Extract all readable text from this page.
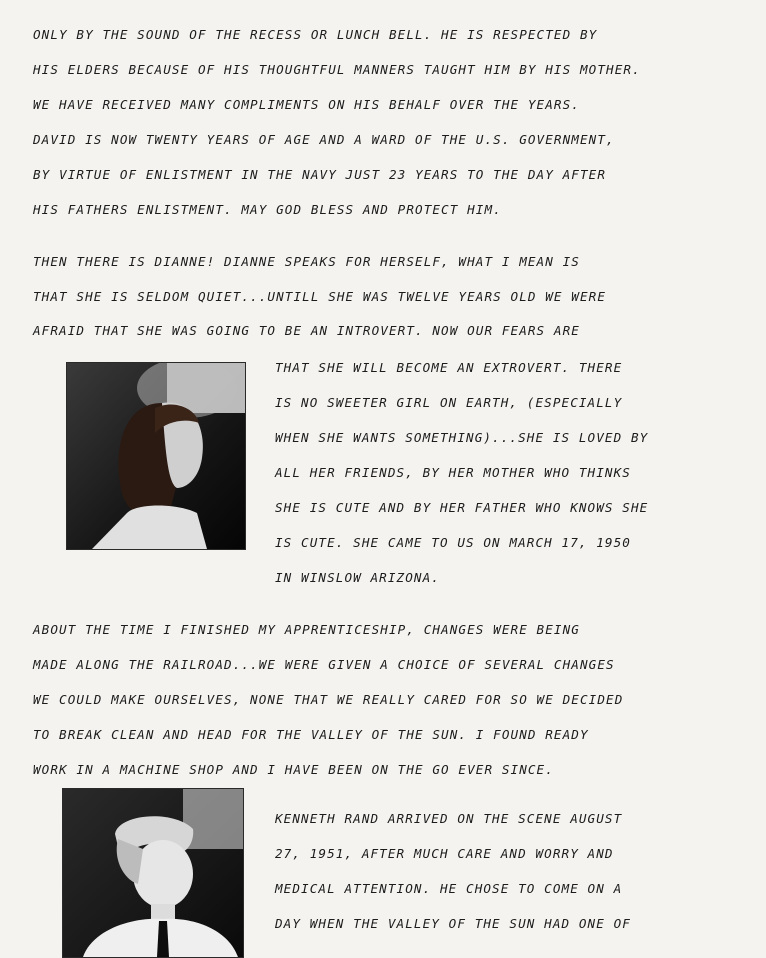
ONLY BY THE SOUND OF THE RECESS OR LUNCH BELL. HE IS RESPECTED BY
HIS ELDERS BECAUSE OF HIS THOUGHTFUL MANNERS TAUGHT HIM BY HIS MOTHER.
WE HAVE RECEIVED MANY COMPLIMENTS ON HIS BEHALF OVER THE YEARS.
DAVID IS NOW TWENTY YEARS OF AGE AND A WARD OF THE U.S. GOVERNMENT,
BY VIRTUE OF ENLISTMENT IN THE NAVY JUST 23 YEARS TO THE DAY AFTER
HIS FATHERS ENLISTMENT. MAY GOD BLESS AND PROTECT HIM.
THEN THERE IS DIANNE! DIANNE SPEAKS FOR HERSELF, WHAT I MEAN IS
THAT SHE IS SELDOM QUIET...UNTILL SHE WAS TWELVE YEARS OLD WE WERE
AFRAID THAT SHE WAS GOING TO BE AN INTROVERT. NOW OUR FEARS ARE
THAT SHE WILL BECOME AN EXTROVERT. THERE
IS NO SWEETER GIRL ON EARTH, (ESPECIALLY
WHEN SHE WANTS SOMETHING)...SHE IS LOVED BY
ALL HER FRIENDS, BY HER MOTHER WHO THINKS
SHE IS CUTE AND BY HER FATHER WHO KNOWS SHE
IS CUTE. SHE CAME TO US ON MARCH 17, 1950
IN WINSLOW ARIZONA.
ABOUT THE TIME I FINISHED MY APPRENTICESHIP, CHANGES WERE BEING
MADE ALONG THE RAILROAD...WE WERE GIVEN A CHOICE OF SEVERAL CHANGES
WE COULD MAKE OURSELVES, NONE THAT WE REALLY CARED FOR SO WE DECIDED
TO BREAK CLEAN AND HEAD FOR THE VALLEY OF THE SUN. I FOUND READY
WORK IN A MACHINE SHOP AND I HAVE BEEN ON THE GO EVER SINCE.
KENNETH RAND ARRIVED ON THE SCENE AUGUST
27, 1951, AFTER MUCH CARE AND WORRY AND
MEDICAL ATTENTION. HE CHOSE TO COME ON A
DAY WHEN THE VALLEY OF THE SUN HAD ONE OF
